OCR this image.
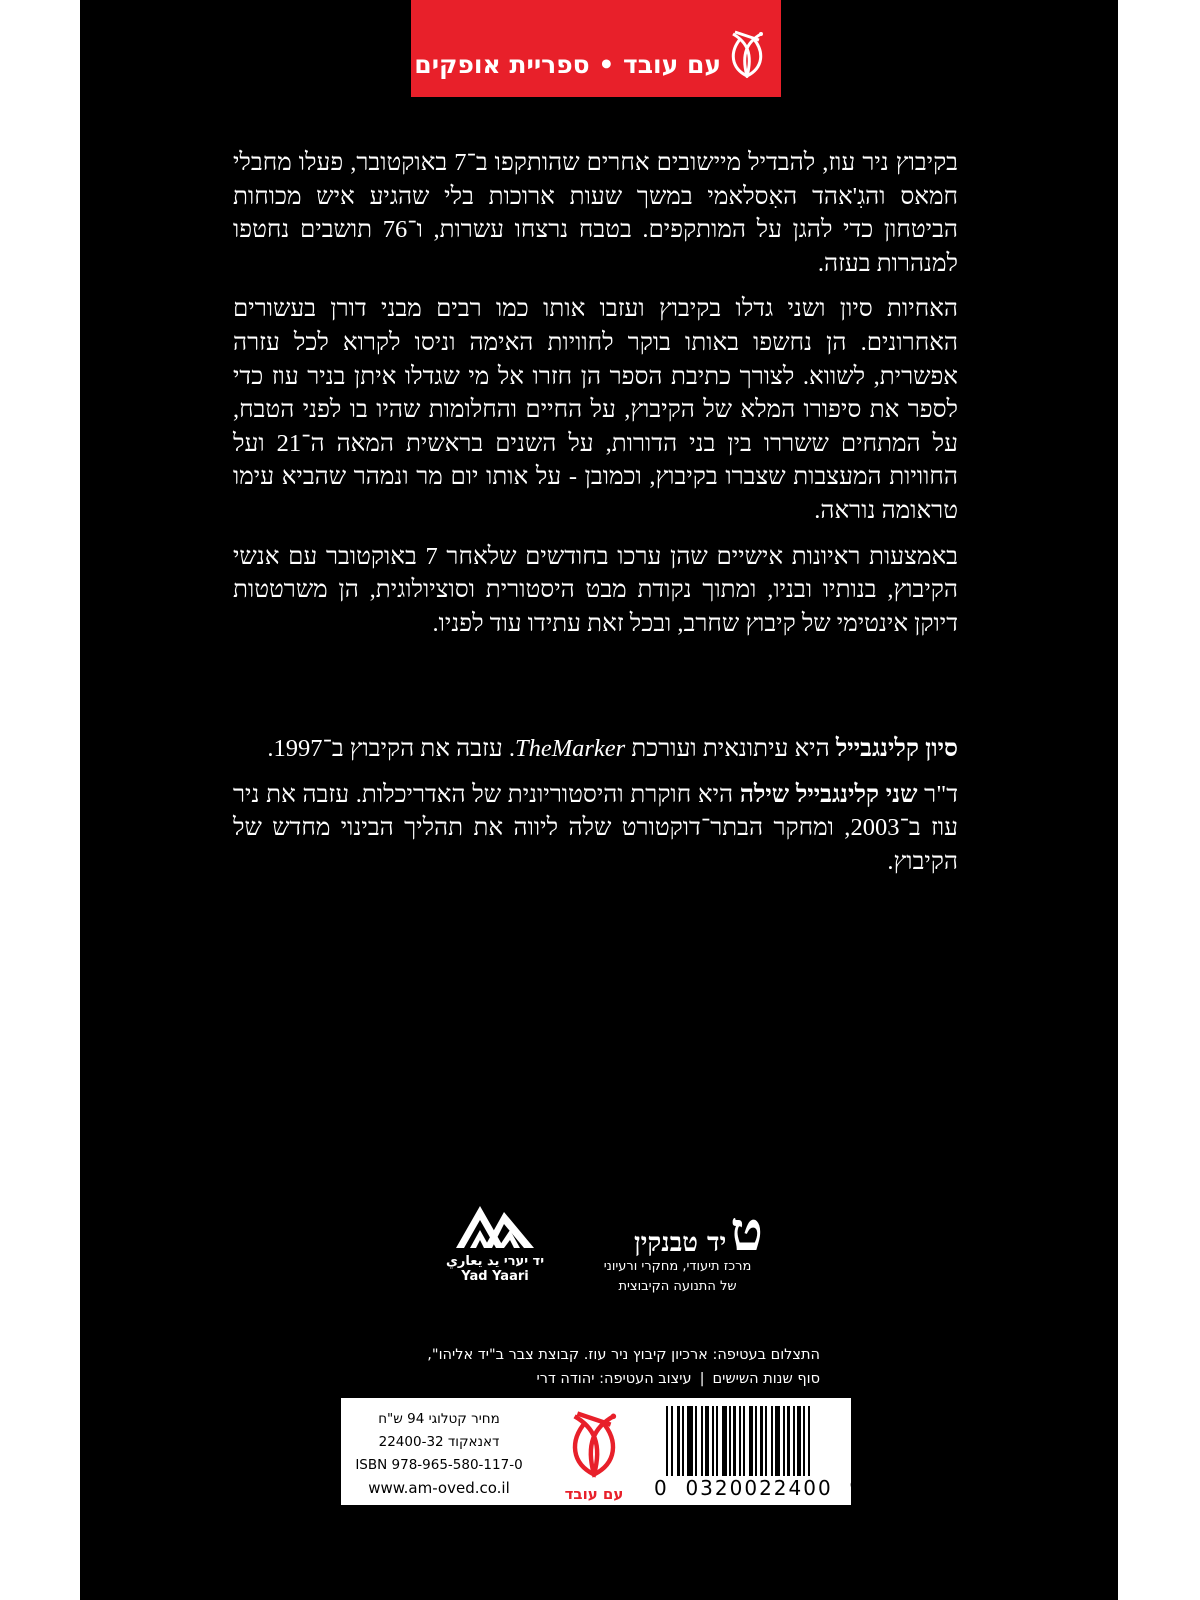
עם עובד • ספריית אופקים

בקיבוץ ניר עוז, להבדיל מיישובים אחרים שהותקפו ב־7 באוקטובר, פעלו מחבלי חמאס והגִ'אהד האִסלאמי במשך שעות ארוכות בלי שהגיע איש מכוחות הביטחון כדי להגן על המותקפים. בטבח נרצחו עשרות, ו־76 תושבים נחטפו למנהרות בעזה.

האחיות סיון ושני גדלו בקיבוץ ועזבו אותו כמו רבים מבני דורן בעשורים האחרונים. הן נחשפו באותו בוקר לחוויות האימה וניסו לקרוא לכל עזרה אפשרית, לשווא. לצורך כתיבת הספר הן חזרו אל מי שגדלו איתן בניר עוז כדי לספר את סיפורו המלא של הקיבוץ, על החיים והחלומות שהיו בו לפני הטבח, על המתחים ששררו בין בני הדורות, על השנים בראשית המאה ה־21 ועל החוויות המעצבות שצברו בקיבוץ, וכמובן - על אותו יום מר ונמהר שהביא עימו טראומה נוראה.

באמצעות ראיונות אישיים שהן ערכו בחודשים שלאחר 7 באוקטובר עם אנשי הקיבוץ, בנותיו ובניו, ומתוך נקודת מבט היסטורית וסוציולוגית, הן משרטטות דיוקן אינטימי של קיבוץ שחרב, ובכל זאת עתידו עוד לפניו.

סיון קלינגבייל היא עיתונאית ועורכת TheMarker. עזבה את הקיבוץ ב־1997.

ד"ר שני קלינגבייל שילה היא חוקרת והיסטוריונית של האדריכלות. עזבה את ניר עוז ב־2003, ומחקר הבתר־דוקטורט שלה ליווה את תהליך הבינוי מחדש של הקיבוץ.

יד יערי يد يعاري
Yad Yaari
ט
יד טבנקין
מרכז תיעודי, מחקרי ורעיוני
של התנועה הקיבוצית
התצלום בעטיפה: ארכיון קיבוץ ניר עוז. קבוצת צבר ב"יד אליהו",
סוף שנות השישים|עיצוב העטיפה: יהודה דרי
מחיר קטלוגי 94 ש"ח
דאנאקוד 22400-32
ISBN 978-965-580-117-0
www.am-oved.co.il	עם עובד 0  0320022400  9
